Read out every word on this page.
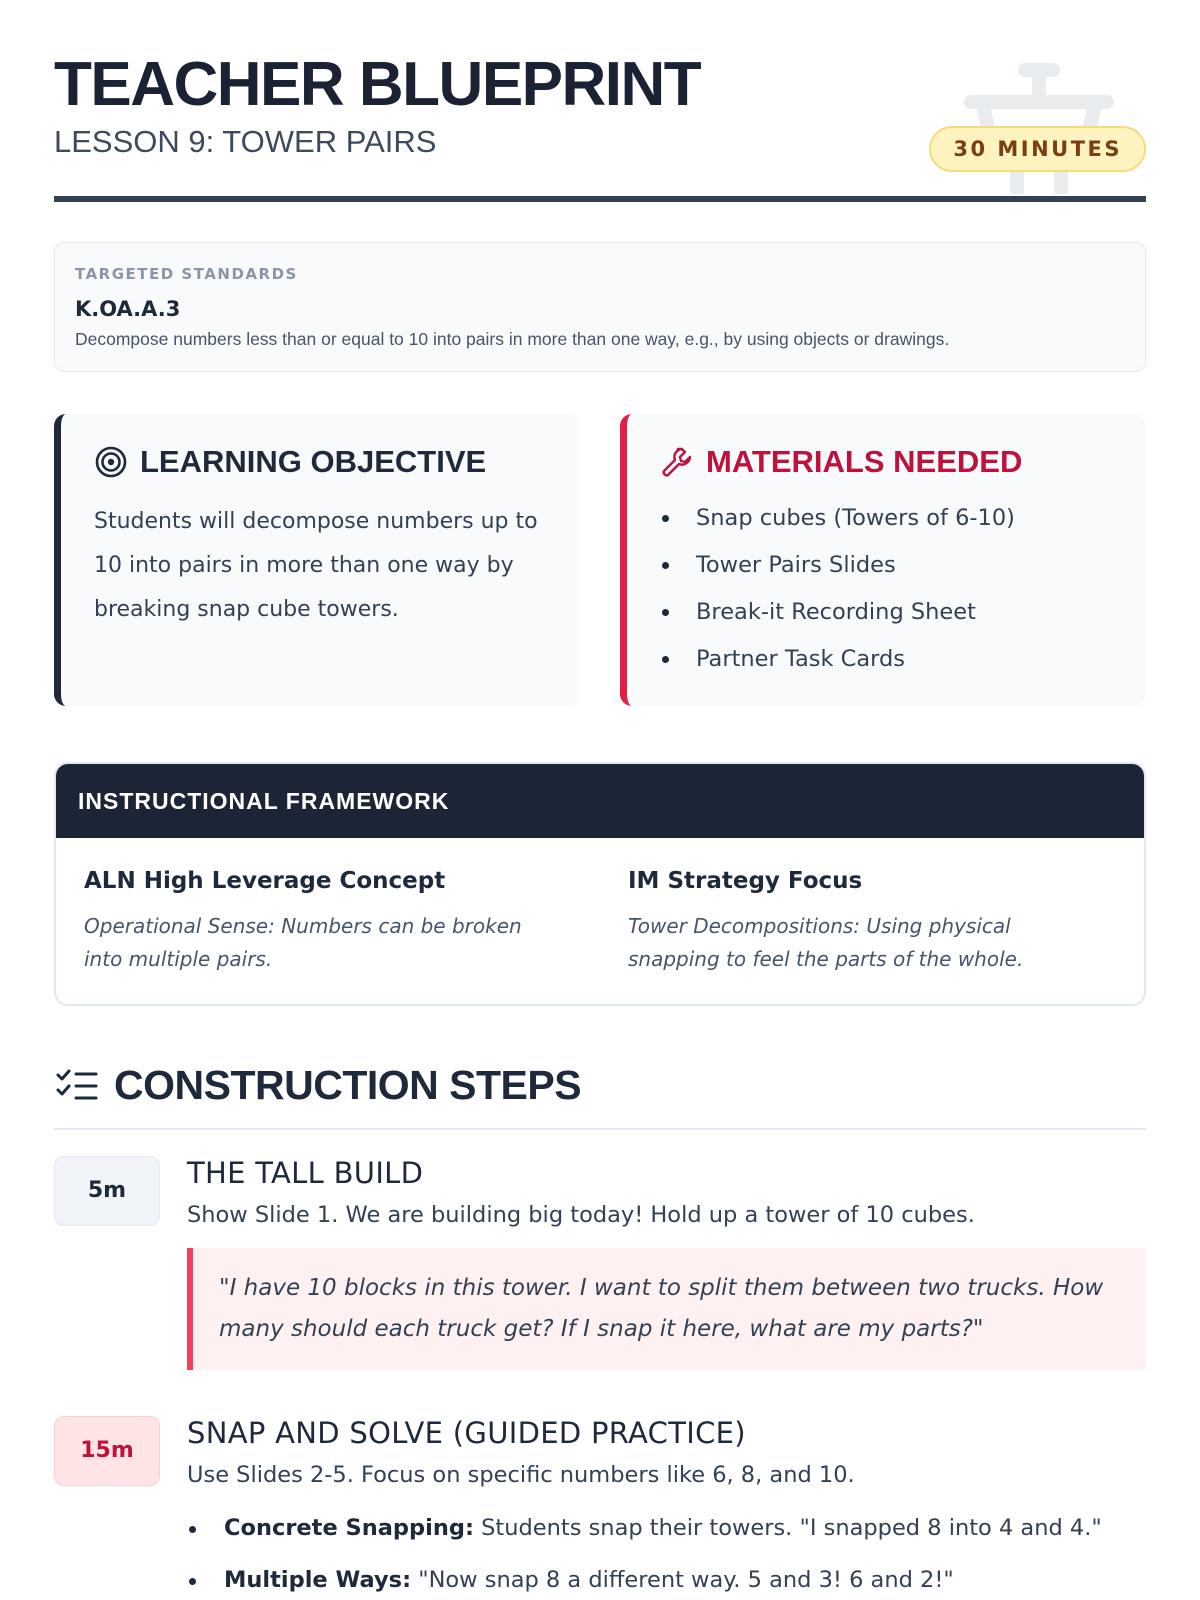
TEACHER BLUEPRINT
LESSON 9: TOWER PAIRS	30 MINUTES
TARGETED STANDARDS
K.OA.A.3
Decompose numbers less than or equal to 10 into pairs in more than one way, e.g., by using objects or drawings.
LEARNING OBJECTIVE
Students will decompose numbers up to 10 into pairs in more than one way by breaking snap cube towers.
MATERIALS NEEDED
Snap cubes (Towers of 6-10)
Tower Pairs Slides
Break-it Recording Sheet
Partner Task Cards
INSTRUCTIONAL FRAMEWORK
ALN High Leverage Concept
Operational Sense: Numbers can be broken into multiple pairs.
IM Strategy Focus
Tower Decompositions: Using physical snapping to feel the parts of the whole.
CONSTRUCTION STEPS
5m
THE TALL BUILD
Show Slide 1. We are building big today! Hold up a tower of 10 cubes.
"I have 10 blocks in this tower. I want to split them between two trucks. How many should each truck get? If I snap it here, what are my parts?"
15m
SNAP AND SOLVE (GUIDED PRACTICE)
Use Slides 2-5. Focus on specific numbers like 6, 8, and 10.
Concrete Snapping: Students snap their towers. "I snapped 8 into 4 and 4."
Multiple Ways: "Now snap 8 a different way. 5 and 3! 6 and 2!"
